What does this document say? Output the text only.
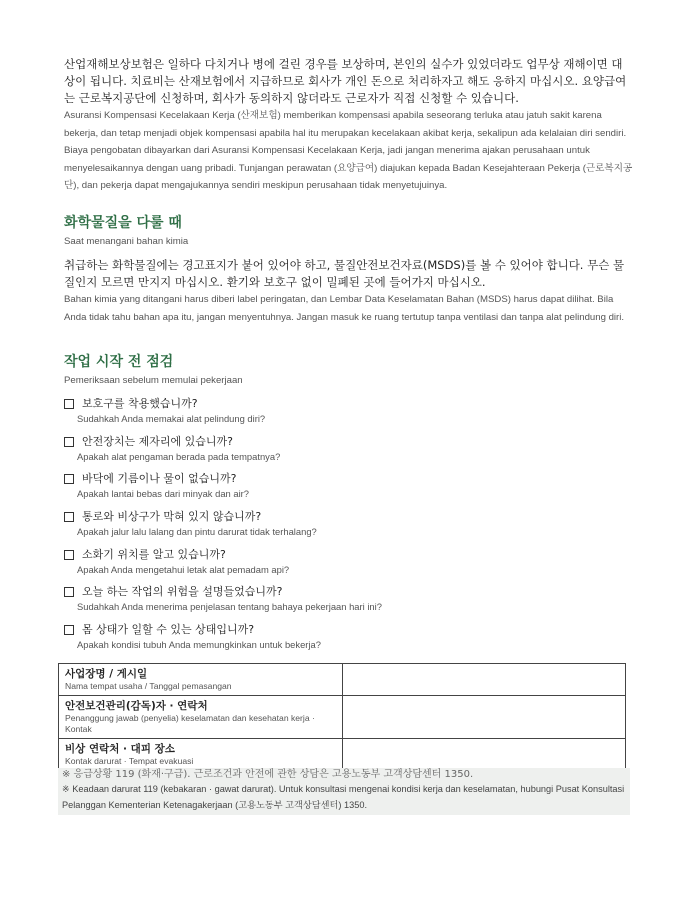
산업재해보상보험은 일하다 다치거나 병에 걸린 경우를 보상하며, 본인의 실수가 있었더라도 업무상 재해이면 대상이 됩니다. 치료비는 산재보험에서 지급하므로 회사가 개인 돈으로 처리하자고 해도 응하지 마십시오. 요양급여는 근로복지공단에 신청하며, 회사가 동의하지 않더라도 근로자가 직접 신청할 수 있습니다.

Asuransi Kompensasi Kecelakaan Kerja (산재보험) memberikan kompensasi apabila seseorang terluka atau jatuh sakit karena bekerja, dan tetap menjadi objek kompensasi apabila hal itu merupakan kecelakaan akibat kerja, sekalipun ada kelalaian diri sendiri. Biaya pengobatan dibayarkan dari Asuransi Kompensasi Kecelakaan Kerja, jadi jangan menerima ajakan perusahaan untuk menyelesaikannya dengan uang pribadi. Tunjangan perawatan (요양급여) diajukan kepada Badan Kesejahteraan Pekerja (근로복지공단), dan pekerja dapat mengajukannya sendiri meskipun perusahaan tidak menyetujuinya.

화학물질을 다룰 때

Saat menangani bahan kimia

취급하는 화학물질에는 경고표지가 붙어 있어야 하고, 물질안전보건자료(MSDS)를 볼 수 있어야 합니다. 무슨 물질인지 모르면 만지지 마십시오. 환기와 보호구 없이 밀폐된 곳에 들어가지 마십시오.

Bahan kimia yang ditangani harus diberi label peringatan, dan Lembar Data Keselamatan Bahan (MSDS) harus dapat dilihat. Bila Anda tidak tahu bahan apa itu, jangan menyentuhnya. Jangan masuk ke ruang tertutup tanpa ventilasi dan tanpa alat pelindung diri.

작업 시작 전 점검

Pemeriksaan sebelum memulai pekerjaan

보호구를 착용했습니까?
Sudahkah Anda memakai alat pelindung diri?
안전장치는 제자리에 있습니까?
Apakah alat pengaman berada pada tempatnya?
바닥에 기름이나 물이 없습니까?
Apakah lantai bebas dari minyak dan air?
통로와 비상구가 막혀 있지 않습니까?
Apakah jalur lalu lalang dan pintu darurat tidak terhalang?
소화기 위치를 알고 있습니까?
Apakah Anda mengetahui letak alat pemadam api?
오늘 하는 작업의 위험을 설명들었습니까?
Sudahkah Anda menerima penjelasan tentang bahaya pekerjaan hari ini?
몸 상태가 일할 수 있는 상태입니까?
Apakah kondisi tubuh Anda memungkinkan untuk bekerja?
사업장명 / 게시일
Nama tempat usaha / Tanggal pemasangan	

안전보건관리(감독)자 · 연락처
Penanggung jawab (penyelia) keselamatan dan kesehatan kerja · Kontak	

비상 연락처 · 대피 장소
Kontak darurat · Tempat evakuasi	

※ 응급상황 119 (화재·구급). 근로조건과 안전에 관한 상담은 고용노동부 고객상담센터 1350.
※ Keadaan darurat 119 (kebakaran · gawat darurat). Untuk konsultasi mengenai kondisi kerja dan keselamatan, hubungi Pusat Konsultasi Pelanggan Kementerian Ketenagakerjaan (고용노동부 고객상담센터) 1350.
